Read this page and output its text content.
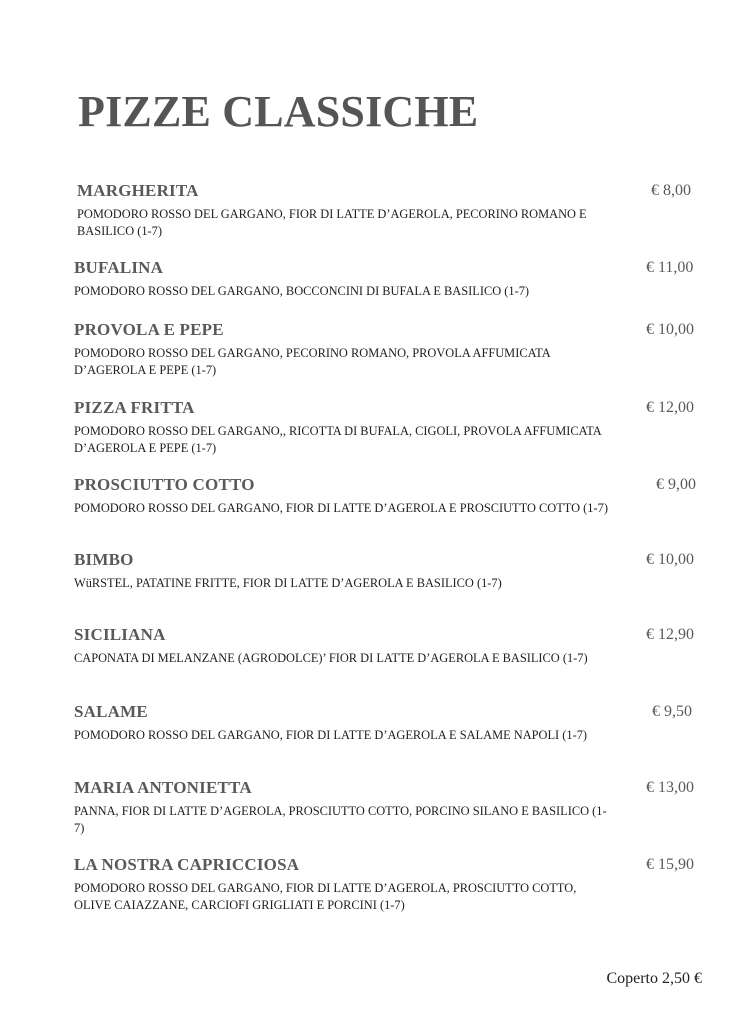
PIZZE CLASSICHE
MARGHERITA
POMODORO ROSSO DEL GARGANO, FIOR DI LATTE D’AGEROLA, PECORINO ROMANO E BASILICO (1-7)
€ 8,00
BUFALINA
POMODORO ROSSO DEL GARGANO, BOCCONCINI DI BUFALA E BASILICO (1-7)
€ 11,00
PROVOLA E PEPE
POMODORO ROSSO DEL GARGANO, PECORINO ROMANO, PROVOLA AFFUMICATA D’AGEROLA E PEPE (1-7)
€ 10,00
PIZZA FRITTA
POMODORO ROSSO DEL GARGANO,, RICOTTA DI BUFALA, CIGOLI, PROVOLA AFFUMICATA D’AGEROLA E PEPE (1-7)
€ 12,00
PROSCIUTTO COTTO
POMODORO ROSSO DEL GARGANO, FIOR DI LATTE D’AGEROLA E PROSCIUTTO COTTO (1-7)
€ 9,00
BIMBO
WüRSTEL, PATATINE FRITTE, FIOR DI LATTE D’AGEROLA E BASILICO (1-7)
€ 10,00
SICILIANA
CAPONATA DI MELANZANE (AGRODOLCE)’ FIOR DI LATTE D’AGEROLA E BASILICO (1-7)
€ 12,90
SALAME
POMODORO ROSSO DEL GARGANO, FIOR DI LATTE D’AGEROLA E SALAME NAPOLI (1-7)
€ 9,50
MARIA ANTONIETTA
PANNA, FIOR DI LATTE D’AGEROLA, PROSCIUTTO COTTO, PORCINO SILANO E BASILICO (1-7)
€ 13,00
LA NOSTRA CAPRICCIOSA
POMODORO ROSSO DEL GARGANO, FIOR DI LATTE D’AGEROLA, PROSCIUTTO COTTO, OLIVE CAIAZZANE, CARCIOFI GRIGLIATI E PORCINI (1-7)
€ 15,90
Coperto 2,50 €
